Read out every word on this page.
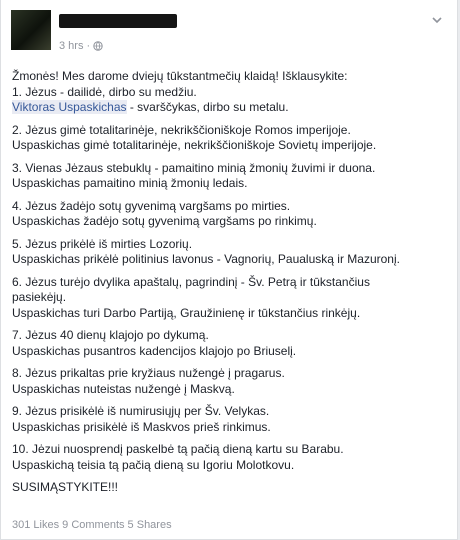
3 hrs ·

Žmonės! Mes darome dviejų tūkstantmečių klaidą! Išklausykite:
1. Jėzus - dailidė, dirbo su medžiu.
Viktoras Uspaskichas - svarščykas, dirbo su metalu.

2. Jėzus gimė totalitarinėje, nekrikščioniškoje Romos imperijoje.
Uspaskichas gimė totalitarinėje, nekrikščioniškoje Sovietų imperijoje.

3. Vienas Jėzaus stebuklų - pamaitino minią žmonių žuvimi ir duona.
Uspaskichas pamaitino minią žmonių ledais.

4. Jėzus žadėjo sotų gyvenimą vargšams po mirties.
Uspaskichas žadėjo sotų gyvenimą vargšams po rinkimų.

5. Jėzus prikėlė iš mirties Lozorių.
Uspaskichas prikėlė politinius lavonus - Vagnorių, Paualuską ir Mazuronį.

6. Jėzus turėjo dvylika apaštalų, pagrindinį - Šv. Petrą ir tūkstančius
pasiekėjų.
Uspaskichas turi Darbo Partiją, Graužinienę ir tūkstančius rinkėjų.

7. Jėzus 40 dienų klajojo po dykumą.
Uspaskichas pusantros kadencijos klajojo po Briuselį.

8. Jėzus prikaltas prie kryžiaus nužengė į pragarus.
Uspaskichas nuteistas nužengė į Maskvą.

9. Jėzus prisikėlė iš numirusiųjų per Šv. Velykas.
Uspaskichas prisikėlė iš Maskvos prieš rinkimus.

10. Jėzui nuosprendį paskelbė tą pačią dieną kartu su Barabu.
Uspaskichą teisia tą pačią dieną su Igoriu Molotkovu.

SUSIMĄSTYKITE!!!

301 Likes 9 Comments 5 Shares
